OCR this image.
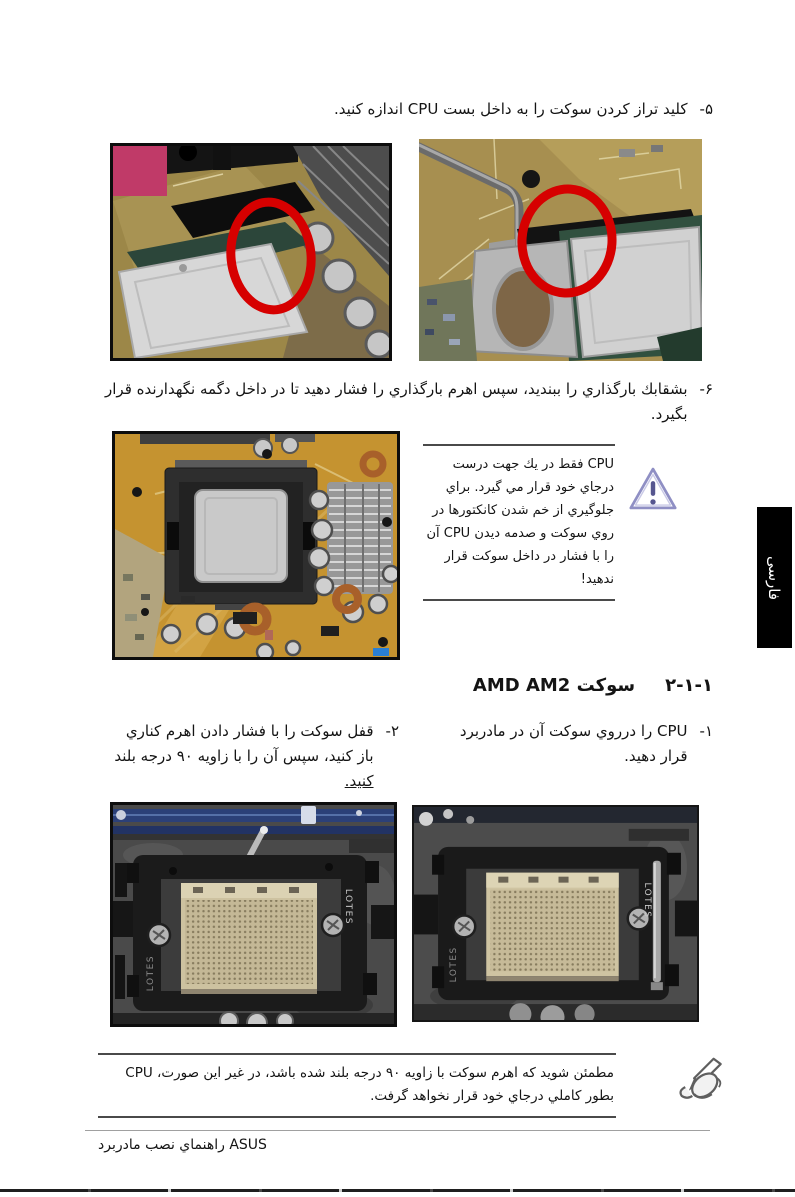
۵-
کلید تراز کردن سوکت را به داخل بست CPU اندازه کنید.
۶-
بشقابك بارگذاري را ببندید، سپس اهرم بارگذاري را فشار دهید تا در داخل دگمه نگهدارنده قرار بگیرد.
CPU فقط در يك جهت درست درجاي خود قرار مي گيرد. براي جلوگيري از خم شدن كانكتورها در روي سوكت و صدمه ديدن CPU آن را با فشار در داخل سوكت قرار ندهيد!	فارسی
۲-۱-۱
سوکت AMD AM2
۱-
CPU را درروي سوکت آن در مادربرد قرار دهید.
۲-
قفل سوکت را با فشار دادن اهرم کناري باز کنید، سپس آن را با زاویه ۹۰ درجه بلند کنید.
LOTES
LOTES
LOTES
LOTES
مطمئن شوید که اهرم سوکت با زاویه ۹۰ درجه بلند شده باشد، در غیر این صورت، CPU بطور کاملي درجاي خود قرار نخواهد گرفت.
راهنماي نصب مادربرد ASUS
